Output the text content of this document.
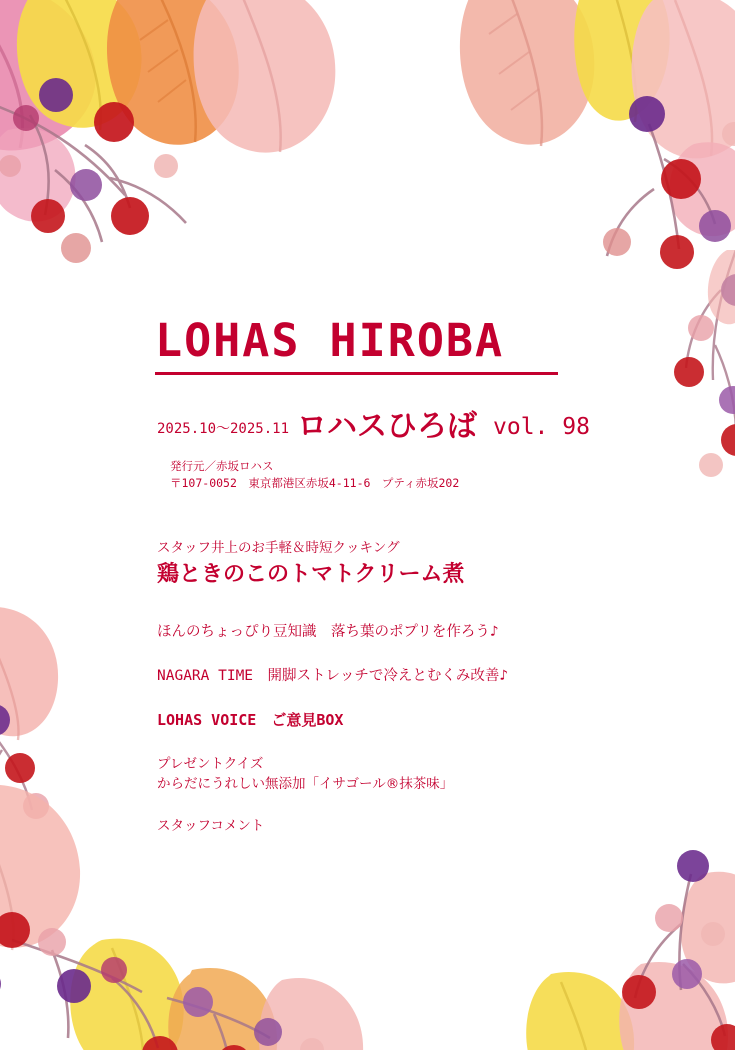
LOHAS HIROBA
2025.10〜2025.11 ロハスひろば vol. 98
発行元／赤坂ロハス
〒107-0052　東京都港区赤坂4-11-6　プティ赤坂202
スタッフ井上のお手軽＆時短クッキング
鶏ときのこのトマトクリーム煮
ほんのちょっぴり豆知識　落ち葉のポプリを作ろう♪
NAGARA TIME　開脚ストレッチで冷えとむくみ改善♪
LOHAS VOICE　ご意見BOX
プレゼントクイズ
からだにうれしい無添加「イサゴール®抹茶味」
スタッフコメント
